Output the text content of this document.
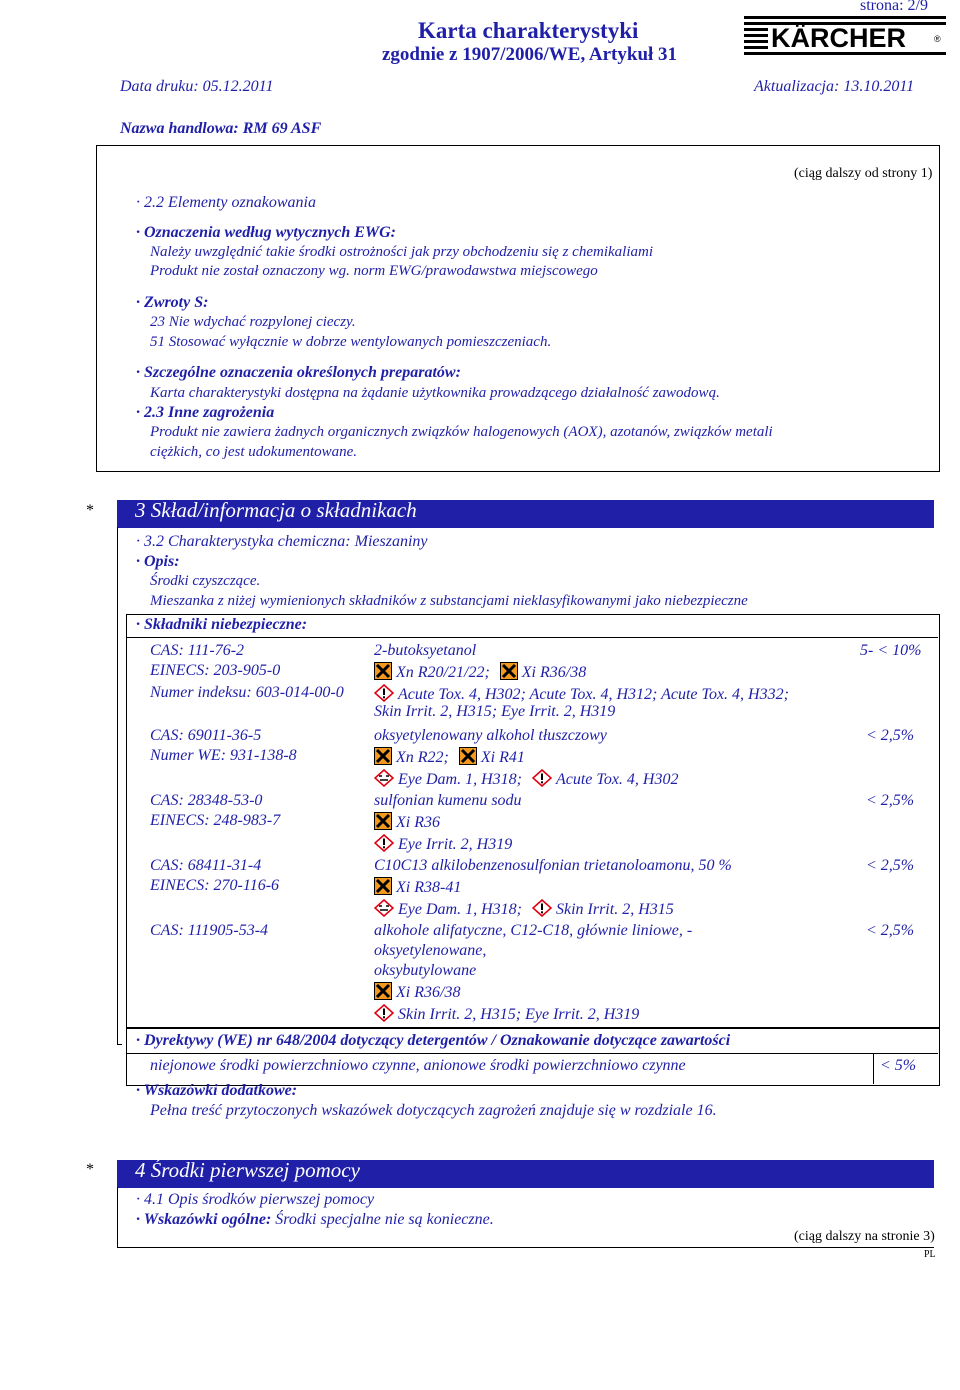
strona: 2/9
Karta charakterystyki
zgodnie z 1907/2006/WE, Artykuł 31
KÄRCHER	®
Data druku: 05.12.2011	Aktualizacja: 13.10.2011
Nazwa handlowa: RM 69 ASF
(ciąg dalszy od strony 1)
· 2.2 Elementy oznakowania
· Oznaczenia według wytycznych EWG:
Należy uwzględnić takie środki ostrożności jak przy obchodzeniu się z chemikaliami
Produkt nie został oznaczony wg. norm EWG/prawodawstwa miejscowego
· Zwroty S:
23 Nie wdychać rozpylonej cieczy.
51 Stosować wyłącznie w dobrze wentylowanych pomieszczeniach.
· Szczególne oznaczenia określonych preparatów:
Karta charakterystyki dostępna na żądanie użytkownika prowadzącego działalność zawodową.
· 2.3 Inne zagrożenia
Produkt nie zawiera żadnych organicznych związków halogenowych (AOX), azotanów, związków metali
ciężkich, co jest udokumentowane.
* 3 Skład/informacja o składnikach
· 3.2 Charakterystyka chemiczna: Mieszaniny
· Opis:
Środki czyszczące.
Mieszanka z niżej wymienionych składników z substancjami nieklasyfikowanymi jako niebezpieczne
· Składniki niebezpieczne:
CAS: 111-76-2
EINECS: 203-905-0
Numer indeksu: 603-014-00-0
2-butoksyetanol	5- < 10%
Xn R20/21/22; Xi R36/38
Acute Tox. 4, H302; Acute Tox. 4, H312; Acute Tox. 4, H332;
Skin Irrit. 2, H315; Eye Irrit. 2, H319
CAS: 69011-36-5
Numer WE: 931-138-8
oksyetylenowany alkohol tłuszczowy	< 2,5%
Xn R22; Xi R41
Eye Dam. 1, H318; Acute Tox. 4, H302
CAS: 28348-53-0
EINECS: 248-983-7
sulfonian kumenu sodu	< 2,5%
Xi R36
Eye Irrit. 2, H319
CAS: 68411-31-4
EINECS: 270-116-6
C10C13 alkilobenzenosulfonian trietanoloamonu, 50 %	< 2,5%
Xi R38-41
Eye Dam. 1, H318; Skin Irrit. 2, H315
CAS: 111905-53-4	alkohole alifatyczne, C12-C18, głównie liniowe, -
oksyetylenowane,
oksybutylowane
< 2,5%
Xi R36/38
Skin Irrit. 2, H315; Eye Irrit. 2, H319
· Dyrektywy (WE) nr 648/2004 dotyczący detergentów / Oznakowanie dotyczące zawartości
niejonowe środki powierzchniowo czynne, anionowe środki powierzchniowo czynne	< 5%
· Wskazówki dodatkowe:
Pełna treść przytoczonych wskazówek dotyczących zagrożeń znajduje się w rozdziale 16.
* 4 Środki pierwszej pomocy
· 4.1 Opis środków pierwszej pomocy
· Wskazówki ogólne: Środki specjalne nie są konieczne.
(ciąg dalszy na stronie 3)
PL
